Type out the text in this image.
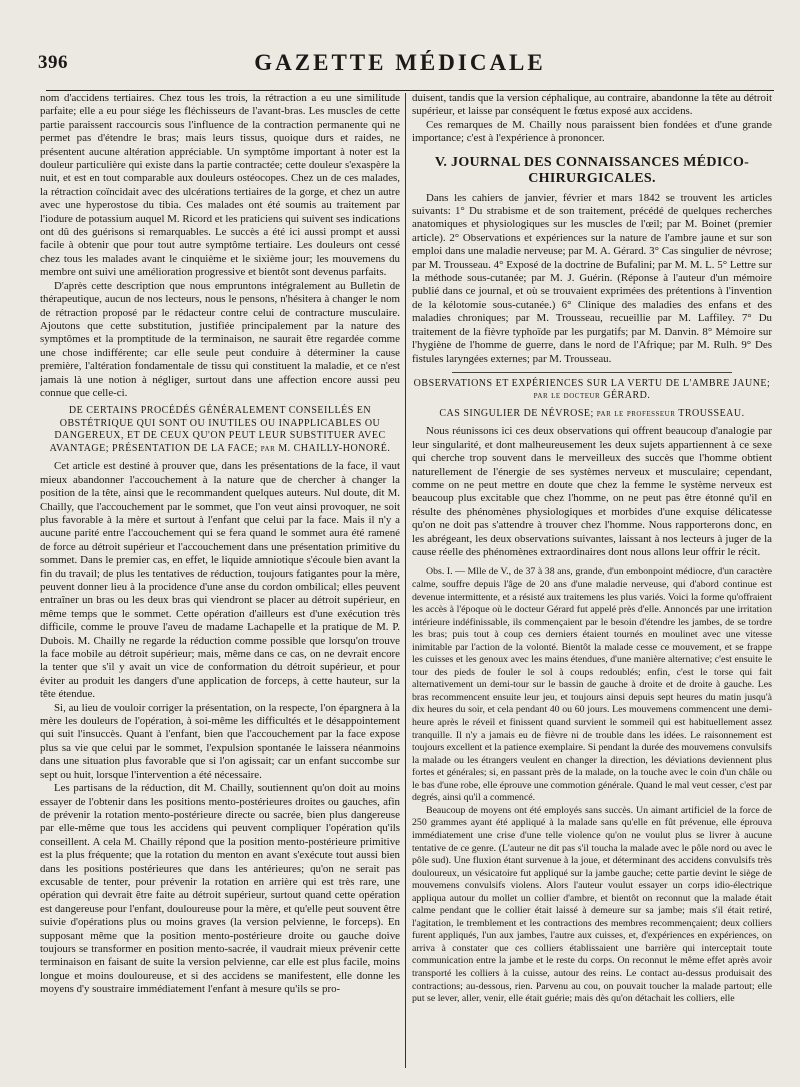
396	GAZETTE MÉDICALE

nom d'accidens tertiaires. Chez tous les trois, la rétraction a eu une similitude parfaite; elle a eu pour siége les fléchisseurs de l'avant-bras. Les muscles de cette partie paraissent raccourcis sous l'influence de la contraction permanente qui ne permet pas d'étendre le bras; mais leurs tissus, quoique durs et raides, ne présentent aucune altération appréciable. Un symptôme important à noter est la douleur particulière qui existe dans la partie contractée; cette douleur s'exaspère la nuit, et est en tout comparable aux douleurs ostéocopes. Chez un de ces malades, la rétraction coïncidait avec des ulcérations tertiaires de la gorge, et chez un autre avec une hyperostose du tibia. Ces malades ont été soumis au traitement par l'iodure de potassium auquel M. Ricord et les praticiens qui suivent ses indications ont dû des guérisons si remarquables. Le succès a été ici aussi prompt et aussi facile à obtenir que pour tout autre symptôme tertiaire. Les douleurs ont cessé chez tous les malades avant le cinquième et le sixième jour; les mouvemens du membre ont suivi une amélioration progressive et bientôt sont devenus parfaits.

D'après cette description que nous empruntons intégralement au Bulletin de thérapeutique, aucun de nos lecteurs, nous le pensons, n'hésitera à changer le nom de rétraction proposé par le rédacteur contre celui de contracture musculaire. Ajoutons que cette substitution, justifiée principalement par la nature des symptômes et la promptitude de la terminaison, ne saurait être regardée comme une chose indifférente; car elle seule peut conduire à déterminer la cause première, l'altération fondamentale de tissu qui constituent la maladie, et ce n'est jamais là une notion à négliger, surtout dans une affection encore aussi peu connue que celle-ci.

DE CERTAINS PROCÉDÉS GÉNÉRALEMENT CONSEILLÉS EN OBSTÉTRIQUE QUI SONT OU INUTILES OU INAPPLICABLES OU DANGEREUX, ET DE CEUX QU'ON PEUT LEUR SUBSTITUER AVEC AVANTAGE; PRÉSENTATION DE LA FACE; par M. CHAILLY-HONORÉ.

Cet article est destiné à prouver que, dans les présentations de la face, il vaut mieux abandonner l'accouchement à la nature que de chercher à changer la position de la tête, ainsi que le recommandent quelques auteurs. Nul doute, dit M. Chailly, que l'accouchement par le sommet, que l'on veut ainsi provoquer, ne soit plus favorable à la mère et surtout à l'enfant que celui par la face. Mais il n'y a aucune parité entre l'accouchement qui se fera quand le sommet aura été ramené de force au détroit supérieur et l'accouchement dans une présentation primitive du sommet. Dans le premier cas, en effet, le liquide amniotique s'écoule bien avant la fin du travail; de plus les tentatives de réduction, toujours fatigantes pour la mère, peuvent donner lieu à la procidence d'une anse du cordon ombilical; elles peuvent entraîner un bras ou les deux bras qui viendront se placer au détroit supérieur, en même temps que le sommet. Cette opération d'ailleurs est d'une exécution très difficile, comme le prouve l'aveu de madame Lachapelle et la pratique de M. P. Dubois. M. Chailly ne regarde la réduction comme possible que lorsqu'on trouve la face mobile au détroit supérieur; mais, même dans ce cas, on ne devrait encore la tenter que s'il y avait un vice de conformation du détroit supérieur, et pour éviter au produit les dangers d'une application de forceps, à cette hauteur, sur la tête étendue.

Si, au lieu de vouloir corriger la présentation, on la respecte, l'on épargnera à la mère les douleurs de l'opération, à soi-même les difficultés et le désappointement qui suit l'insuccès. Quant à l'enfant, bien que l'accouchement par la face expose plus sa vie que celui par le sommet, l'expulsion spontanée le laissera néanmoins dans une situation plus favorable que si l'on agissait; car un enfant succombe sur sept ou huit, lorsque l'intervention a été nécessaire.

Les partisans de la réduction, dit M. Chailly, soutiennent qu'on doit au moins essayer de l'obtenir dans les positions mento-postérieures droites ou gauches, afin de prévenir la rotation mento-postérieure directe ou sacrée, bien plus dangereuse par elle-même que tous les accidens qui peuvent compliquer l'opération qu'ils conseillent. A cela M. Chailly répond que la position mento-postérieure primitive est la plus fréquente; que la rotation du menton en avant s'exécute tout aussi bien dans les positions postérieures que dans les antérieures; qu'on ne serait pas excusable de tenter, pour prévenir la rotation en arrière qui est très rare, une opération qui devrait être faite au détroit supérieur, surtout quand cette opération est dangereuse pour l'enfant, douloureuse pour la mère, et qu'elle peut souvent être suivie d'opérations plus ou moins graves (la version pelvienne, le forceps). En supposant même que la position mento-postérieure droite ou gauche doive toujours se transformer en position mento-sacrée, il vaudrait mieux prévenir cette terminaison en faisant de suite la version pelvienne, car elle est plus facile, moins longue et moins douloureuse, et si des accidens se manifestent, elle donne les moyens d'y soustraire immédiatement l'enfant à mesure qu'ils se pro-

duisent, tandis que la version céphalique, au contraire, abandonne la tête au détroit supérieur, et laisse par conséquent le fœtus exposé aux accidens.

Ces remarques de M. Chailly nous paraissent bien fondées et d'une grande importance; c'est à l'expérience à prononcer.

V. JOURNAL DES CONNAISSANCES MÉDICO-CHIRURGICALES.

Dans les cahiers de janvier, février et mars 1842 se trouvent les articles suivants: 1° Du strabisme et de son traitement, précédé de quelques recherches anatomiques et physiologiques sur les muscles de l'œil; par M. Boinet (premier article). 2° Observations et expériences sur la nature de l'ambre jaune et sur son emploi dans une maladie nerveuse; par M. A. Gérard. 3° Cas singulier de névrose; par M. Trousseau. 4° Exposé de la doctrine de Bufalini; par M. M. L. 5° Lettre sur la méthode sous-cutanée; par M. J. Guérin. (Réponse à l'auteur d'un mémoire publié dans ce journal, et où se trouvaient exprimées des prétentions à l'invention de la kélotomie sous-cutanée.) 6° Clinique des maladies des enfans et des maladies chroniques; par M. Trousseau, recueillie par M. Laffiley. 7° Du traitement de la fièvre typhoïde par les purgatifs; par M. Danvin. 8° Mémoire sur l'hygiène de l'homme de guerre, dans le nord de l'Afrique; par M. Rulh. 9° Des fistules laryngées externes; par M. Trousseau.

OBSERVATIONS ET EXPÉRIENCES SUR LA VERTU DE L'AMBRE JAUNE; par le docteur GÉRARD.

CAS SINGULIER DE NÉVROSE; par le professeur TROUSSEAU.

Nous réunissons ici ces deux observations qui offrent beaucoup d'analogie par leur singularité, et dont malheureusement les deux sujets appartiennent à ce sexe qui cherche trop souvent dans le merveilleux des succès que l'homme obtient naturellement de l'énergie de ses systèmes nerveux et musculaire; cependant, comme on ne peut mettre en doute que chez la femme le système nerveux est beaucoup plus excitable que chez l'homme, on ne peut pas être étonné qu'il en résulte des phénomènes physiologiques et morbides d'une exquise délicatesse qu'on ne doit pas s'attendre à trouver chez l'homme. Nous rapporterons donc, en les abrégeant, les deux observations suivantes, laissant à nos lecteurs à juger de la cause réelle des phénomènes extraordinaires dont nous allons leur offrir le récit.

Obs. I. — Mlle de V., de 37 à 38 ans, grande, d'un embonpoint médiocre, d'un caractère calme, souffre depuis l'âge de 20 ans d'une maladie nerveuse, qui d'abord continue est devenue intermittente, et a résisté aux traitemens les plus variés. Voici la forme qu'offraient les accès à l'époque où le docteur Gérard fut appelé près d'elle. Annoncés par une irritation intérieure indéfinissable, ils commençaient par le besoin d'étendre les jambes, de se tordre les bras; puis tout à coup ces derniers étaient tournés en moulinet avec une vitesse inimitable par l'action de la volonté. Bientôt la malade cesse ce mouvement, et se frappe les cuisses et les genoux avec les mains étendues, d'une manière alternative; c'est ensuite le tour des pieds de fouler le sol à coups redoublés; enfin, c'est le torse qui fait alternativement un demi-tour sur le bassin de gauche à droite et de droite à gauche. Les bras recommencent ensuite leur jeu, et toujours ainsi depuis sept heures du matin jusqu'à dix heures du soir, et cela pendant 40 ou 60 jours. Les mouvemens commencent une demi-heure après le réveil et finissent quand survient le sommeil qui est habituellement assez tranquille. Il n'y a jamais eu de fièvre ni de trouble dans les idées. Le raisonnement est toujours excellent et la patience exemplaire. Si pendant la durée des mouvemens convulsifs la malade ou les étrangers veulent en changer la direction, les déviations deviennent plus fortes et générales; si, en passant près de la malade, on la touche avec le coin d'un châle ou le bas d'une robe, elle éprouve une commotion générale. Quand le mal veut cesser, c'est par degrés, ainsi qu'il a commencé.

Beaucoup de moyens ont été employés sans succès. Un aimant artificiel de la force de 250 grammes ayant été appliqué à la malade sans qu'elle en fût prévenue, elle éprouva immédiatement une crise d'une telle violence qu'on ne voulut plus se livrer à aucune tentative de ce genre. (L'auteur ne dit pas s'il toucha la malade avec le pôle nord ou avec le pôle sud). Une fluxion étant survenue à la joue, et déterminant des accidens convulsifs très douloureux, un vésicatoire fut appliqué sur la jambe gauche; cette partie devint le siège de mouvemens convulsifs violens. Alors l'auteur voulut essayer un corps idio-électrique appliqua autour du mollet un collier d'ambre, et bientôt on reconnut que la malade était calme pendant que le collier était laissé à demeure sur sa jambe; mais s'il était retiré, l'agitation, le tremblement et les contractions des membres recommençaient; deux colliers furent appliqués, l'un aux jambes, l'autre aux cuisses, et, d'expériences en expériences, on arriva à constater que ces colliers établissaient une barrière qui interceptait toute communication entre la jambe et le reste du corps. On reconnut le même effet après avoir transporté les colliers à la cuisse, autour des reins. Le contact au-dessus produisait des contractions; au-dessous, rien. Parvenu au cou, on pouvait toucher la malade partout; elle put se lever, aller, venir, elle était guérie; mais dès qu'on détachait les colliers, elle
